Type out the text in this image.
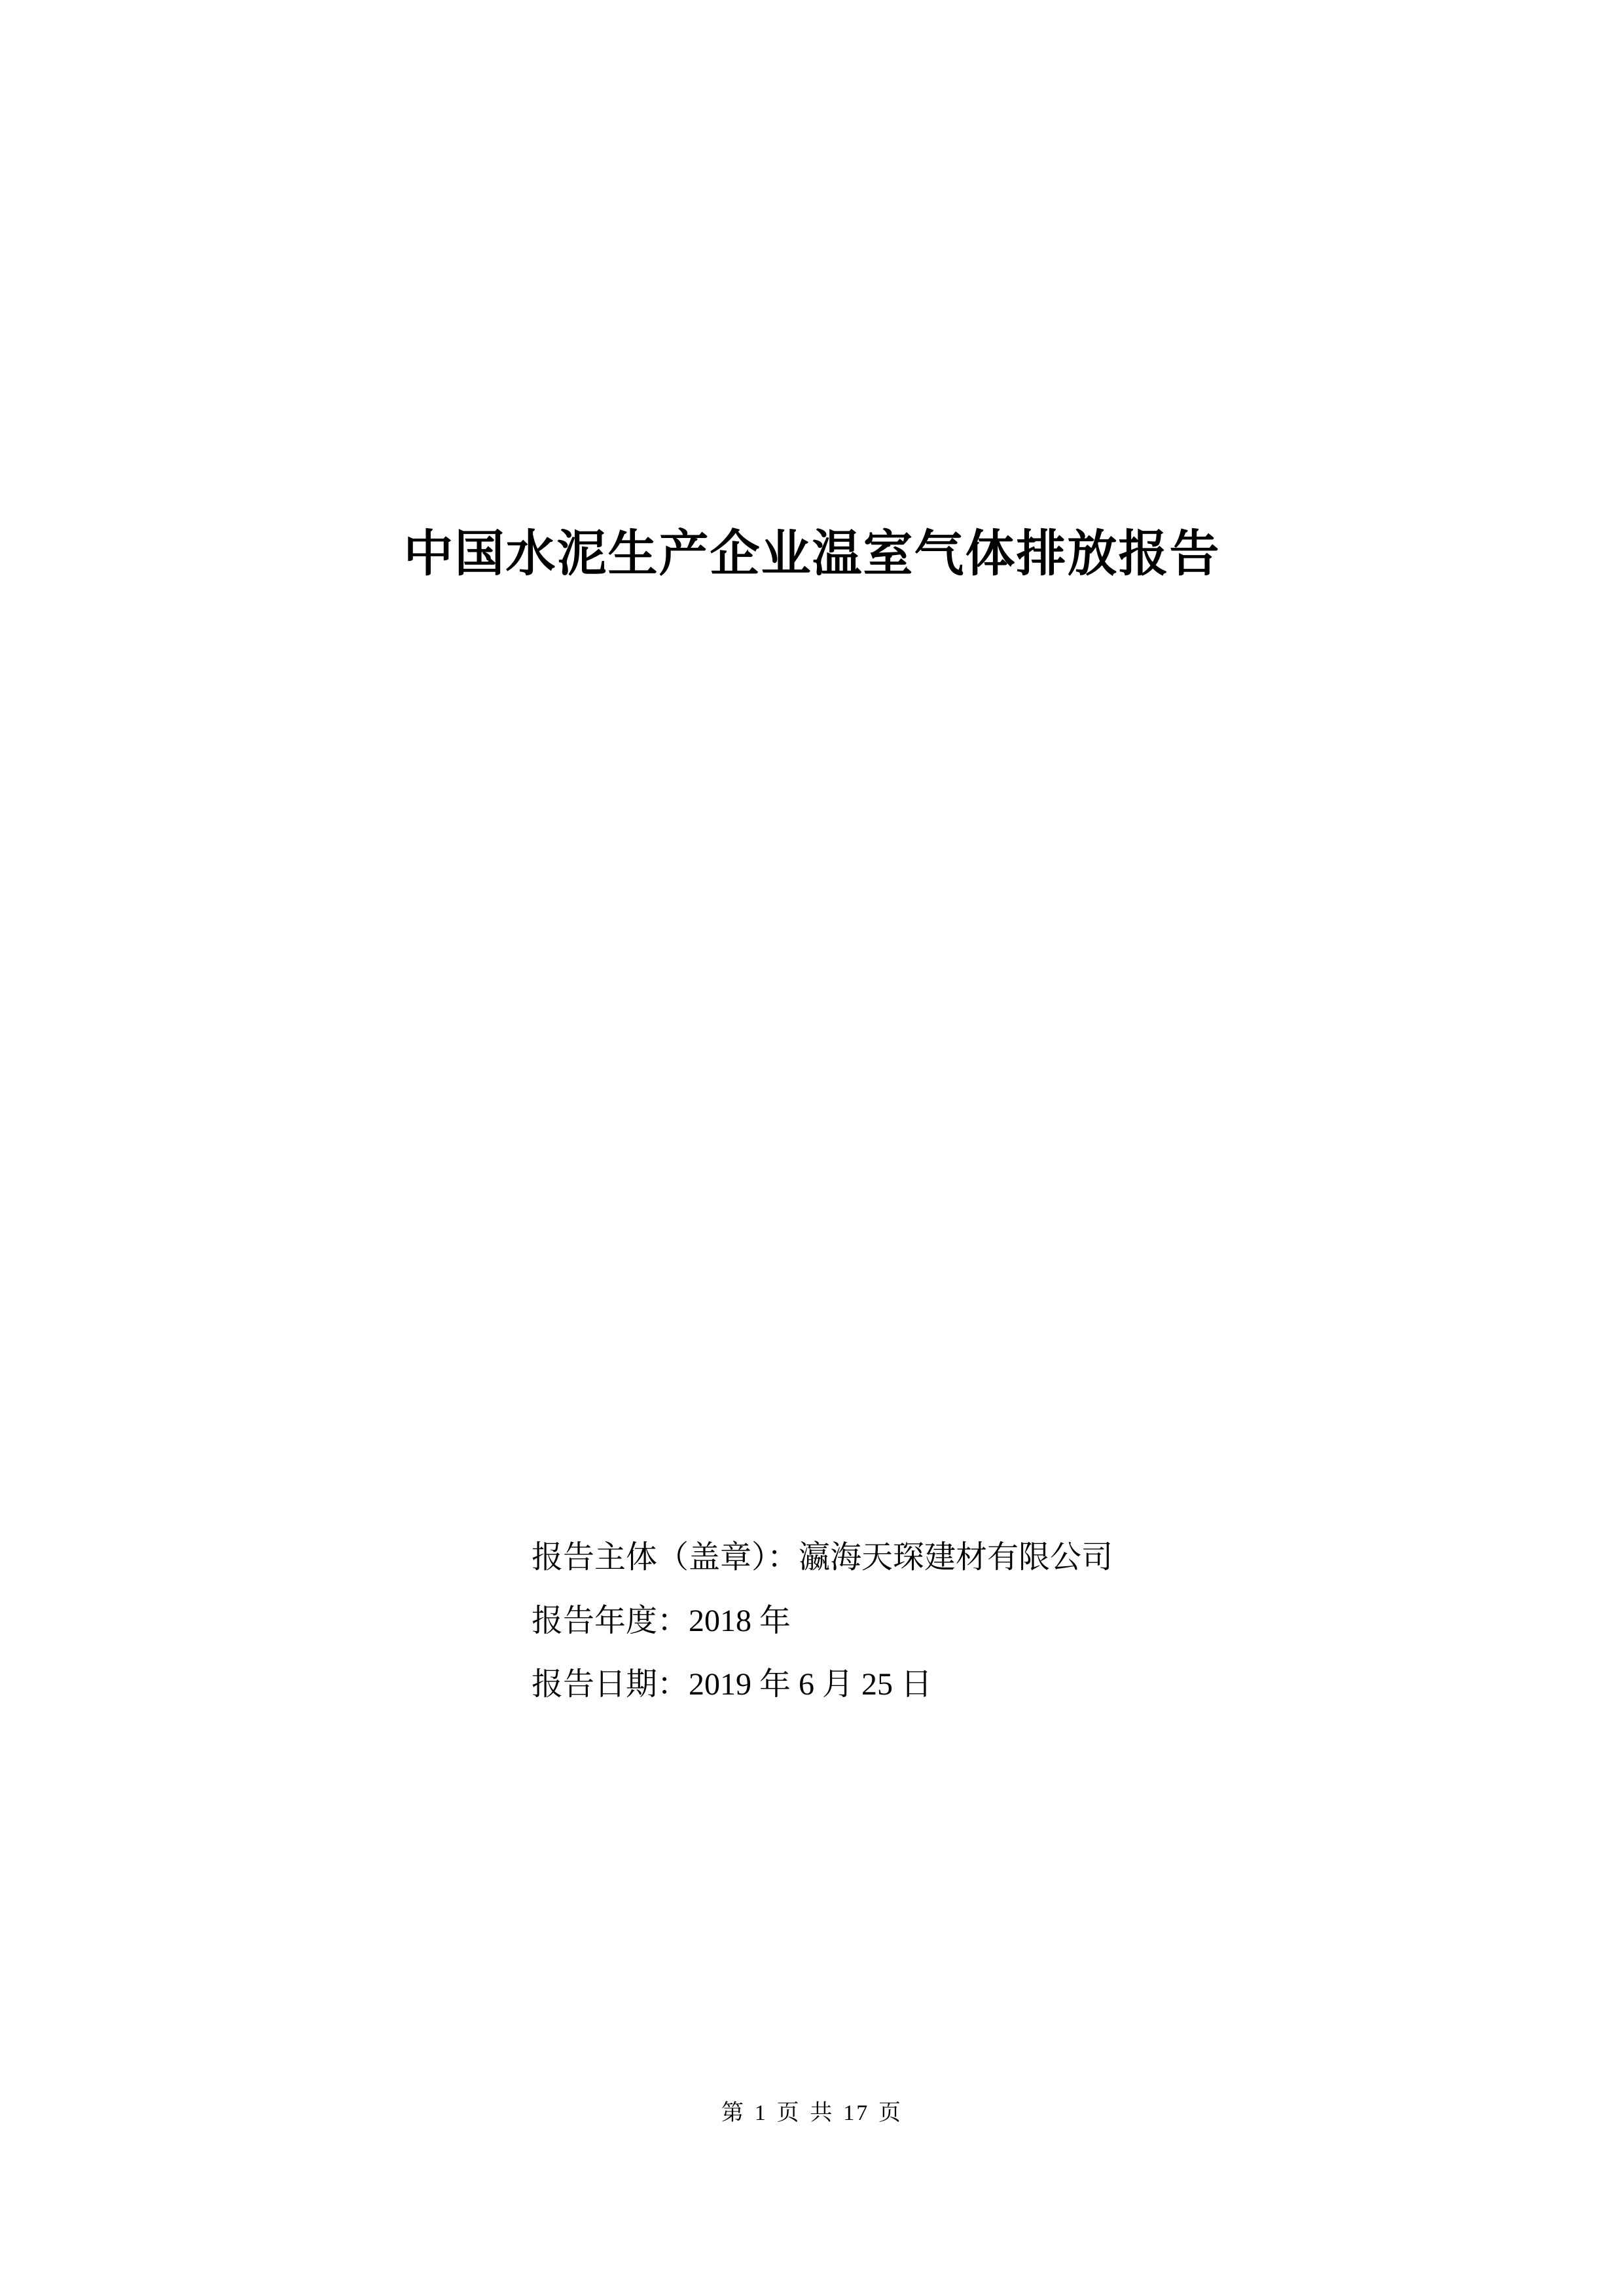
中国水泥生产企业温室气体排放报告
报告主体（盖章）：瀛海天琛建材有限公司
报告年度：2018 年
报告日期：2019 年 6 月 25 日
第 1 页 共 17 页
